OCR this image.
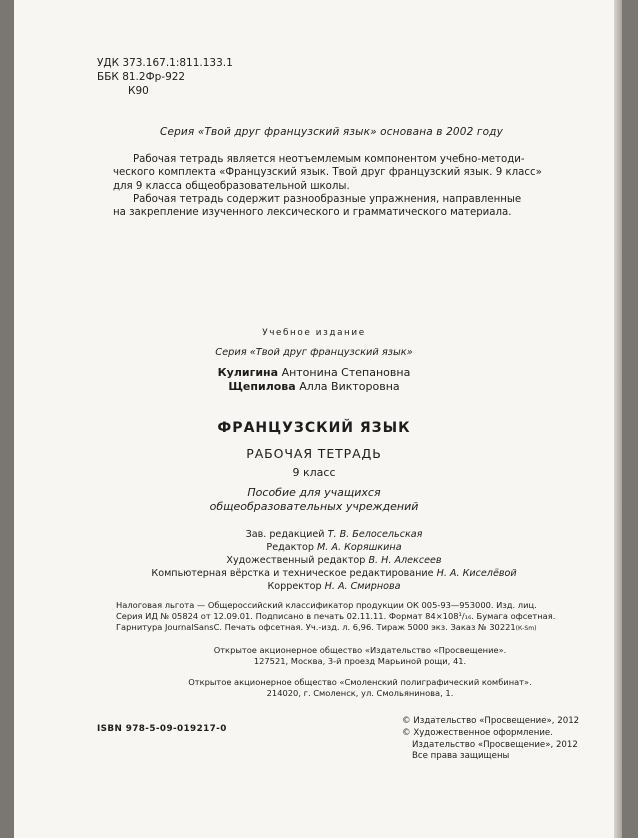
УДК 373.167.1:811.133.1
ББК 81.2Фр-922
К90
Серия «Твой друг французский язык» основана в 2002 году

Рабочая тетрадь является неотъемлемым компонентом учебно-методи-

ческого комплекта «Французский язык. Твой друг французский язык. 9 класс»

для 9 класса общеобразовательной школы.

Рабочая тетрадь содержит разнообразные упражнения, направленные

на закрепление изученного лексического и грамматического материала.

Учебное издание
Серия «Твой друг французский язык»
Кулигина Антонина Степановна
Щепилова Алла Викторовна
ФРАНЦУЗСКИЙ ЯЗЫК
РАБОЧАЯ ТЕТРАДЬ
9 класс
Пособие для учащихся
общеобразовательных учреждений
Зав. редакцией Т. В. Белосельская
Редактор М. А. Коряшкина
Художественный редактор В. Н. Алексеев
Компьютерная вёрстка и техническое редактирование Н. А. Киселёвой
Корректор Н. А. Смирнова
Налоговая льгота — Общероссийский классификатор продукции ОК 005-93—953000. Изд. лиц.
Серия ИД № 05824 от 12.09.01. Подписано в печать 02.11.11. Формат 84×108¹/₁₆. Бумага офсетная.
Гарнитура JournalSansC. Печать офсетная. Уч.-изд. л. 6,96. Тираж 5000 экз. Заказ № 30221(К-Sm)
Открытое акционерное общество «Издательство «Просвещение».
127521, Москва, 3-й проезд Марьиной рощи, 41.
Открытое акционерное общество «Смоленский полиграфический комбинат».
214020, г. Смоленск, ул. Смольянинова, 1.
ISBN 978-5-09-019217-0
© Издательство «Просвещение», 2012
© Художественное оформление.
Издательство «Просвещение», 2012
Все права защищены
